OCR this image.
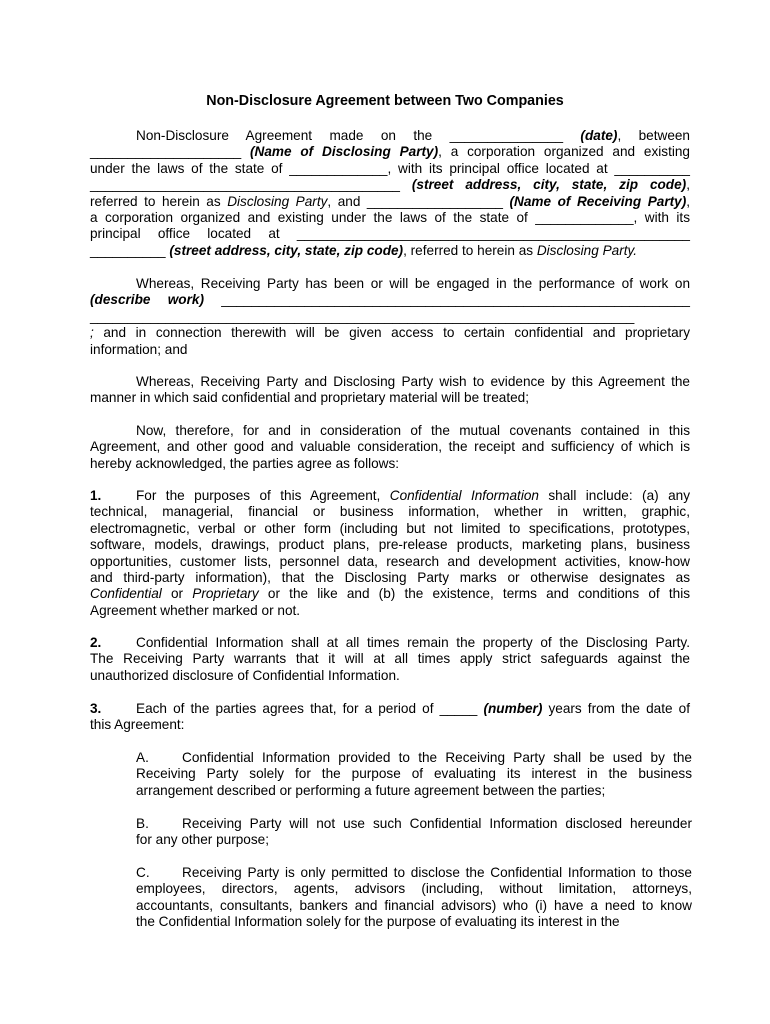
Non-Disclosure Agreement between Two Companies
Non-Disclosure Agreement made on the _______________ (date), between
____________________ (Name of Disclosing Party), a corporation organized and existing
under the laws of the state of _____________, with its principal office located at __________
_________________________________________ (street address, city, state, zip code),
referred to herein as Disclosing Party, and __________________ (Name of Receiving Party),
a corporation organized and existing under the laws of the state of _____________, with its
principal office located at ____________________________________________________
__________ (street address, city, state, zip code), referred to herein as Disclosing Party.
Whereas, Receiving Party has been or will be engaged in the performance of work on
(describe work) ______________________________________________________________
________________________________________________________________________
; and in connection therewith will be given access to certain confidential and proprietary
information; and
Whereas, Receiving Party and Disclosing Party wish to evidence by this Agreement the
manner in which said confidential and proprietary material will be treated;
Now, therefore, for and in consideration of the mutual covenants contained in this
Agreement, and other good and valuable consideration, the receipt and sufficiency of which is
hereby acknowledged, the parties agree as follows:
1.	For the purposes of this Agreement, Confidential Information shall include: (a) any
technical, managerial, financial or business information, whether in written, graphic,
electromagnetic, verbal or other form (including but not limited to specifications, prototypes,
software, models, drawings, product plans, pre-release products, marketing plans, business
opportunities, customer lists, personnel data, research and development activities, know-how
and third-party information), that the Disclosing Party marks or otherwise designates as
Confidential or Proprietary or the like and (b) the existence, terms and conditions of this
Agreement whether marked or not.
2.	Confidential Information shall at all times remain the property of the Disclosing Party.
The Receiving Party warrants that it will at all times apply strict safeguards against the
unauthorized disclosure of Confidential Information.
3.	Each of the parties agrees that, for a period of _____ (number) years from the date of
this Agreement:
A. Confidential Information provided to the Receiving Party shall be used by the
Receiving Party solely for the purpose of evaluating its interest in the business
arrangement described or performing a future agreement between the parties;
B. Receiving Party will not use such Confidential Information disclosed hereunder
for any other purpose;
C. Receiving Party is only permitted to disclose the Confidential Information to those
employees, directors, agents, advisors (including, without limitation, attorneys,
accountants, consultants, bankers and financial advisors) who (i) have a need to know
the Confidential Information solely for the purpose of evaluating its interest in the
